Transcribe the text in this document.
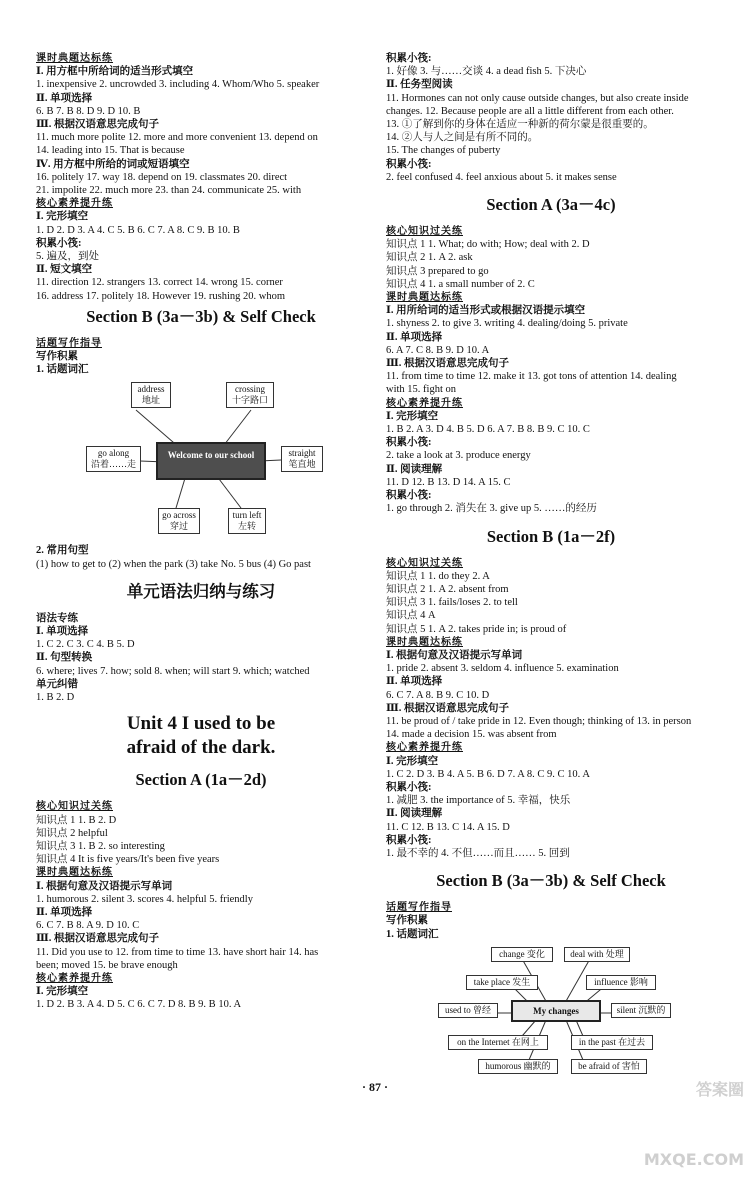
课时典题达标练
Ⅰ. 用方框中所给词的适当形式填空
1. inexpensive 2. uncrowded 3. including 4. Whom/Who 5. speaker
Ⅱ. 单项选择
6. B 7. B 8. D 9. D 10. B
Ⅲ. 根据汉语意思完成句子
11. much more polite 12. more and more convenient 13. depend on
14. leading into 15. That is because
Ⅳ. 用方框中所给的词或短语填空
16. politely 17. way 18. depend on 19. classmates 20. direct
21. impolite 22. much more 23. than 24. communicate 25. with
核心素养提升练
Ⅰ. 完形填空
1. D 2. D 3. A 4. C 5. B 6. C 7. A 8. C 9. B 10. B
积累小筏:
5. 遍及，到处
Ⅱ. 短文填空
11. direction 12. strangers 13. correct 14. wrong 15. corner
16. address 17. politely 18. However 19. rushing 20. whom
Section B (3a－3b) & Self Check
话题写作指导
写作积累
1. 话题词汇
address
地址
crossing
十字路口
go along
沿着……走
Welcome to our school	straight
笔直地
go across
穿过
turn left
左转
2. 常用句型
(1) how to get to (2) when the park (3) take No. 5 bus (4) Go past
单元语法归纳与练习
语法专练
Ⅰ. 单项选择
1. C 2. C 3. C 4. B 5. D
Ⅱ. 句型转换
6. where; lives 7. how; sold 8. when; will start 9. which; watched
单元纠错
1. B 2. D
Unit 4 I used to be
afraid of the dark.
Section A (1a－2d)
核心知识过关练
知识点 1 1. B 2. D
知识点 2 helpful
知识点 3 1. B 2. so interesting
知识点 4 It is five years/It's been five years
课时典题达标练
Ⅰ. 根据句意及汉语提示写单词
1. humorous 2. silent 3. scores 4. helpful 5. friendly
Ⅱ. 单项选择
6. C 7. B 8. A 9. D 10. C
Ⅲ. 根据汉语意思完成句子
11. Did you use to 12. from time to time 13. have short hair 14. has
been; moved 15. be brave enough
核心素养提升练
Ⅰ. 完形填空
1. D 2. B 3. A 4. D 5. C 6. C 7. D 8. B 9. B 10. A
积累小筏:
1. 好像 3. 与……交谈 4. a dead fish 5. 下决心
Ⅱ. 任务型阅读
11. Hormones can not only cause outside changes, but also create inside
changes. 12. Because people are all a little different from each other.
13. ①了解到你的身体在适应一种新的荷尔蒙是很重要的。
14. ②人与人之间是有所不同的。
15. The changes of puberty
积累小筏:
2. feel confused 4. feel anxious about 5. it makes sense
Section A (3a－4c)
核心知识过关练
知识点 1 1. What; do with; How; deal with 2. D
知识点 2 1. A 2. ask
知识点 3 prepared to go
知识点 4 1. a small number of 2. C
课时典题达标练
Ⅰ. 用所给词的适当形式或根据汉语提示填空
1. shyness 2. to give 3. writing 4. dealing/doing 5. private
Ⅱ. 单项选择
6. A 7. C 8. B 9. D 10. A
Ⅲ. 根据汉语意思完成句子
11. from time to time 12. make it 13. got tons of attention 14. dealing
with 15. fight on
核心素养提升练
Ⅰ. 完形填空
1. B 2. A 3. D 4. B 5. D 6. A 7. B 8. B 9. C 10. C
积累小筏:
2. take a look at 3. produce energy
Ⅱ. 阅读理解
11. D 12. B 13. D 14. A 15. C
积累小筏:
1. go through 2. 消失在 3. give up 5. ……的经历
Section B (1a－2f)
核心知识过关练
知识点 1 1. do they 2. A
知识点 2 1. A 2. absent from
知识点 3 1. fails/loses 2. to tell
知识点 4 A
知识点 5 1. A 2. takes pride in; is proud of
课时典题达标练
Ⅰ. 根据句意及汉语提示写单词
1. pride 2. absent 3. seldom 4. influence 5. examination
Ⅱ. 单项选择
6. C 7. A 8. B 9. C 10. D
Ⅲ. 根据汉语意思完成句子
11. be proud of / take pride in 12. Even though; thinking of 13. in person
14. made a decision 15. was absent from
核心素养提升练
Ⅰ. 完形填空
1. C 2. D 3. B 4. A 5. B 6. D 7. A 8. C 9. C 10. A
积累小筏:
1. 减肥 3. the importance of 5. 幸福，快乐
Ⅱ. 阅读理解
11. C 12. B 13. C 14. A 15. D
积累小筏:
1. 最不幸的 4. 不但……而且…… 5. 回到
Section B (3a－3b) & Self Check
话题写作指导
写作积累
1. 话题词汇
change 变化	deal with 处理
take place 发生	influence 影响
used to 曾经	My changes	silent 沉默的
on the Internet 在网上	in the past 在过去
humorous 幽默的	be afraid of 害怕
· 87 ·	答案圈 MXQE.COM
